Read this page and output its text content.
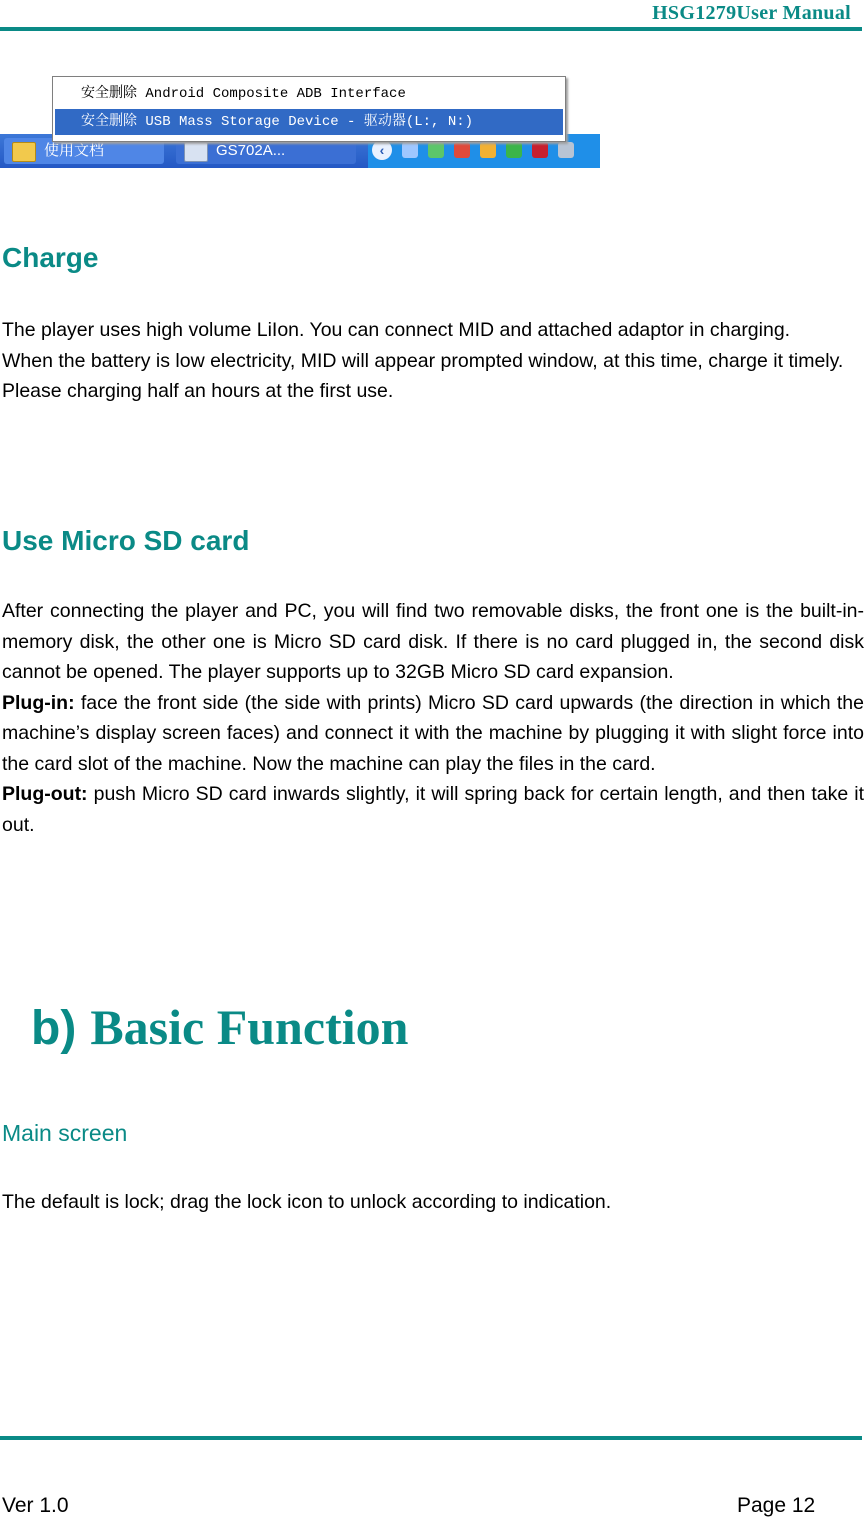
HSG1279User Manual
使用文档	GS702A...	‹
安全删除 Android Composite ADB Interface
安全删除 USB Mass Storage Device - 驱动器(L:, N:)
Charge

The player uses high volume LiIon. You can connect MID and attached adaptor in charging.

When the battery is low electricity, MID will appear prompted window, at this time, charge it timely.

Please charging half an hours at the first use.

Use Micro SD card

After connecting the player and PC, you will find two removable disks, the front one is the built-in-memory disk, the other one is Micro SD card disk. If there is no card plugged in, the second disk cannot be opened. The player supports up to 32GB Micro SD card expansion.

Plug-in: face the front side (the side with prints) Micro SD card upwards (the direction in which the machine’s display screen faces) and connect it with the machine by plugging it with slight force into the card slot of the machine. Now the machine can play the files in the card.

Plug-out: push Micro SD card inwards slightly, it will spring back for certain length, and then take it out.

b) Basic Function
Main screen
The default is lock; drag the lock icon to unlock according to indication.
Ver 1.0	Page 12
